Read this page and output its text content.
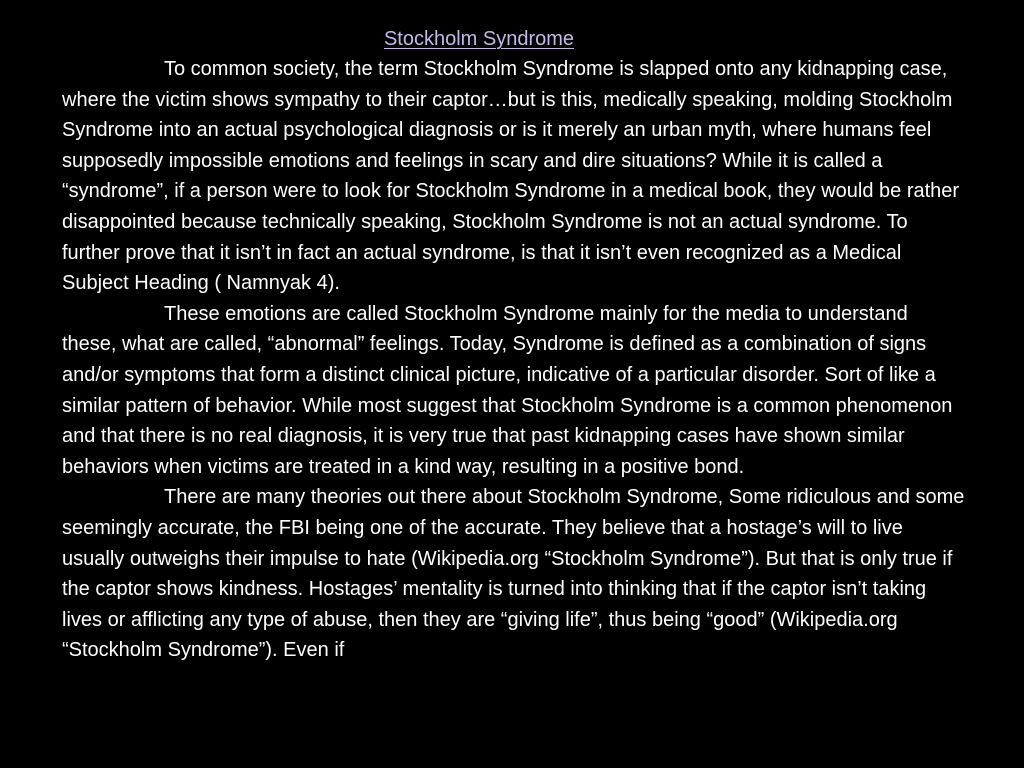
Stockholm Syndrome

To common society, the term Stockholm Syndrome is slapped onto any kidnapping case, where the victim shows sympathy to their captor…but is this, medically speaking, molding Stockholm Syndrome into an actual psychological diagnosis or is it merely an urban myth, where humans feel supposedly impossible emotions and feelings in scary and dire situations? While it is called a “syndrome”, if a person were to look for Stockholm Syndrome in a medical book, they would be rather disappointed because technically speaking, Stockholm Syndrome is not an actual syndrome. To further prove that it isn’t in fact an actual syndrome, is that it isn’t even recognized as a Medical Subject Heading ( Namnyak 4).

These emotions are called Stockholm Syndrome mainly for the media to understand these, what are called, “abnormal” feelings. Today, Syndrome is defined as a combination of signs and/or symptoms that form a distinct clinical picture, indicative of a particular disorder. Sort of like a similar pattern of behavior. While most suggest that Stockholm Syndrome is a common phenomenon and that there is no real diagnosis, it is very true that past kidnapping cases have shown similar behaviors when victims are treated in a kind way, resulting in a positive bond.

There are many theories out there about Stockholm Syndrome, Some ridiculous and some seemingly accurate, the FBI being one of the accurate. They believe that a hostage’s will to live usually outweighs their impulse to hate (Wikipedia.org “Stockholm Syndrome”). But that is only true if the captor shows kindness. Hostages’ mentality is turned into thinking that if the captor isn’t taking lives or afflicting any type of abuse, then they are “giving life”, thus being “good” (Wikipedia.org “Stockholm Syndrome”). Even if
